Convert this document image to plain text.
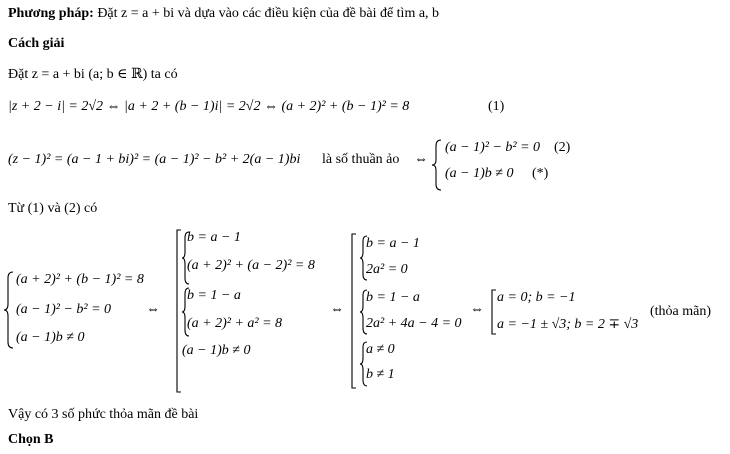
Phương pháp: Đặt z = a + bi và dựa vào các điều kiện của đề bài để tìm a, b
Cách giải
Đặt z = a + bi (a; b ∈ ℝ) ta có
|z + 2 − i| = 2√2 ⇔ |a + 2 + (b − 1)i| = 2√2 ⇔ (a + 2)² + (b − 1)² = 8	(1)
(z − 1)² = (a − 1 + bi)² = (a − 1)² − b² + 2(a − 1)bi là số thuần ảo ⇔
(a − 1)² − b² = 0 (2)
(a − 1)b ≠ 0 (*)
Từ (1) và (2) có
(a + 2)² + (b − 1)² = 8
(a − 1)² − b² = 0
(a − 1)b ≠ 0
⇔
b = a − 1
(a + 2)² + (a − 2)² = 8
b = 1 − a
(a + 2)² + a² = 8
(a − 1)b ≠ 0
⇔
b = a − 1
2a² = 0
b = 1 − a
2a² + 4a − 4 = 0
a ≠ 0
b ≠ 1
⇔
a = 0; b = −1
a = −1 ± √3; b = 2 ∓ √3
(thỏa mãn)
Vậy có 3 số phức thỏa mãn đề bài
Chọn B
